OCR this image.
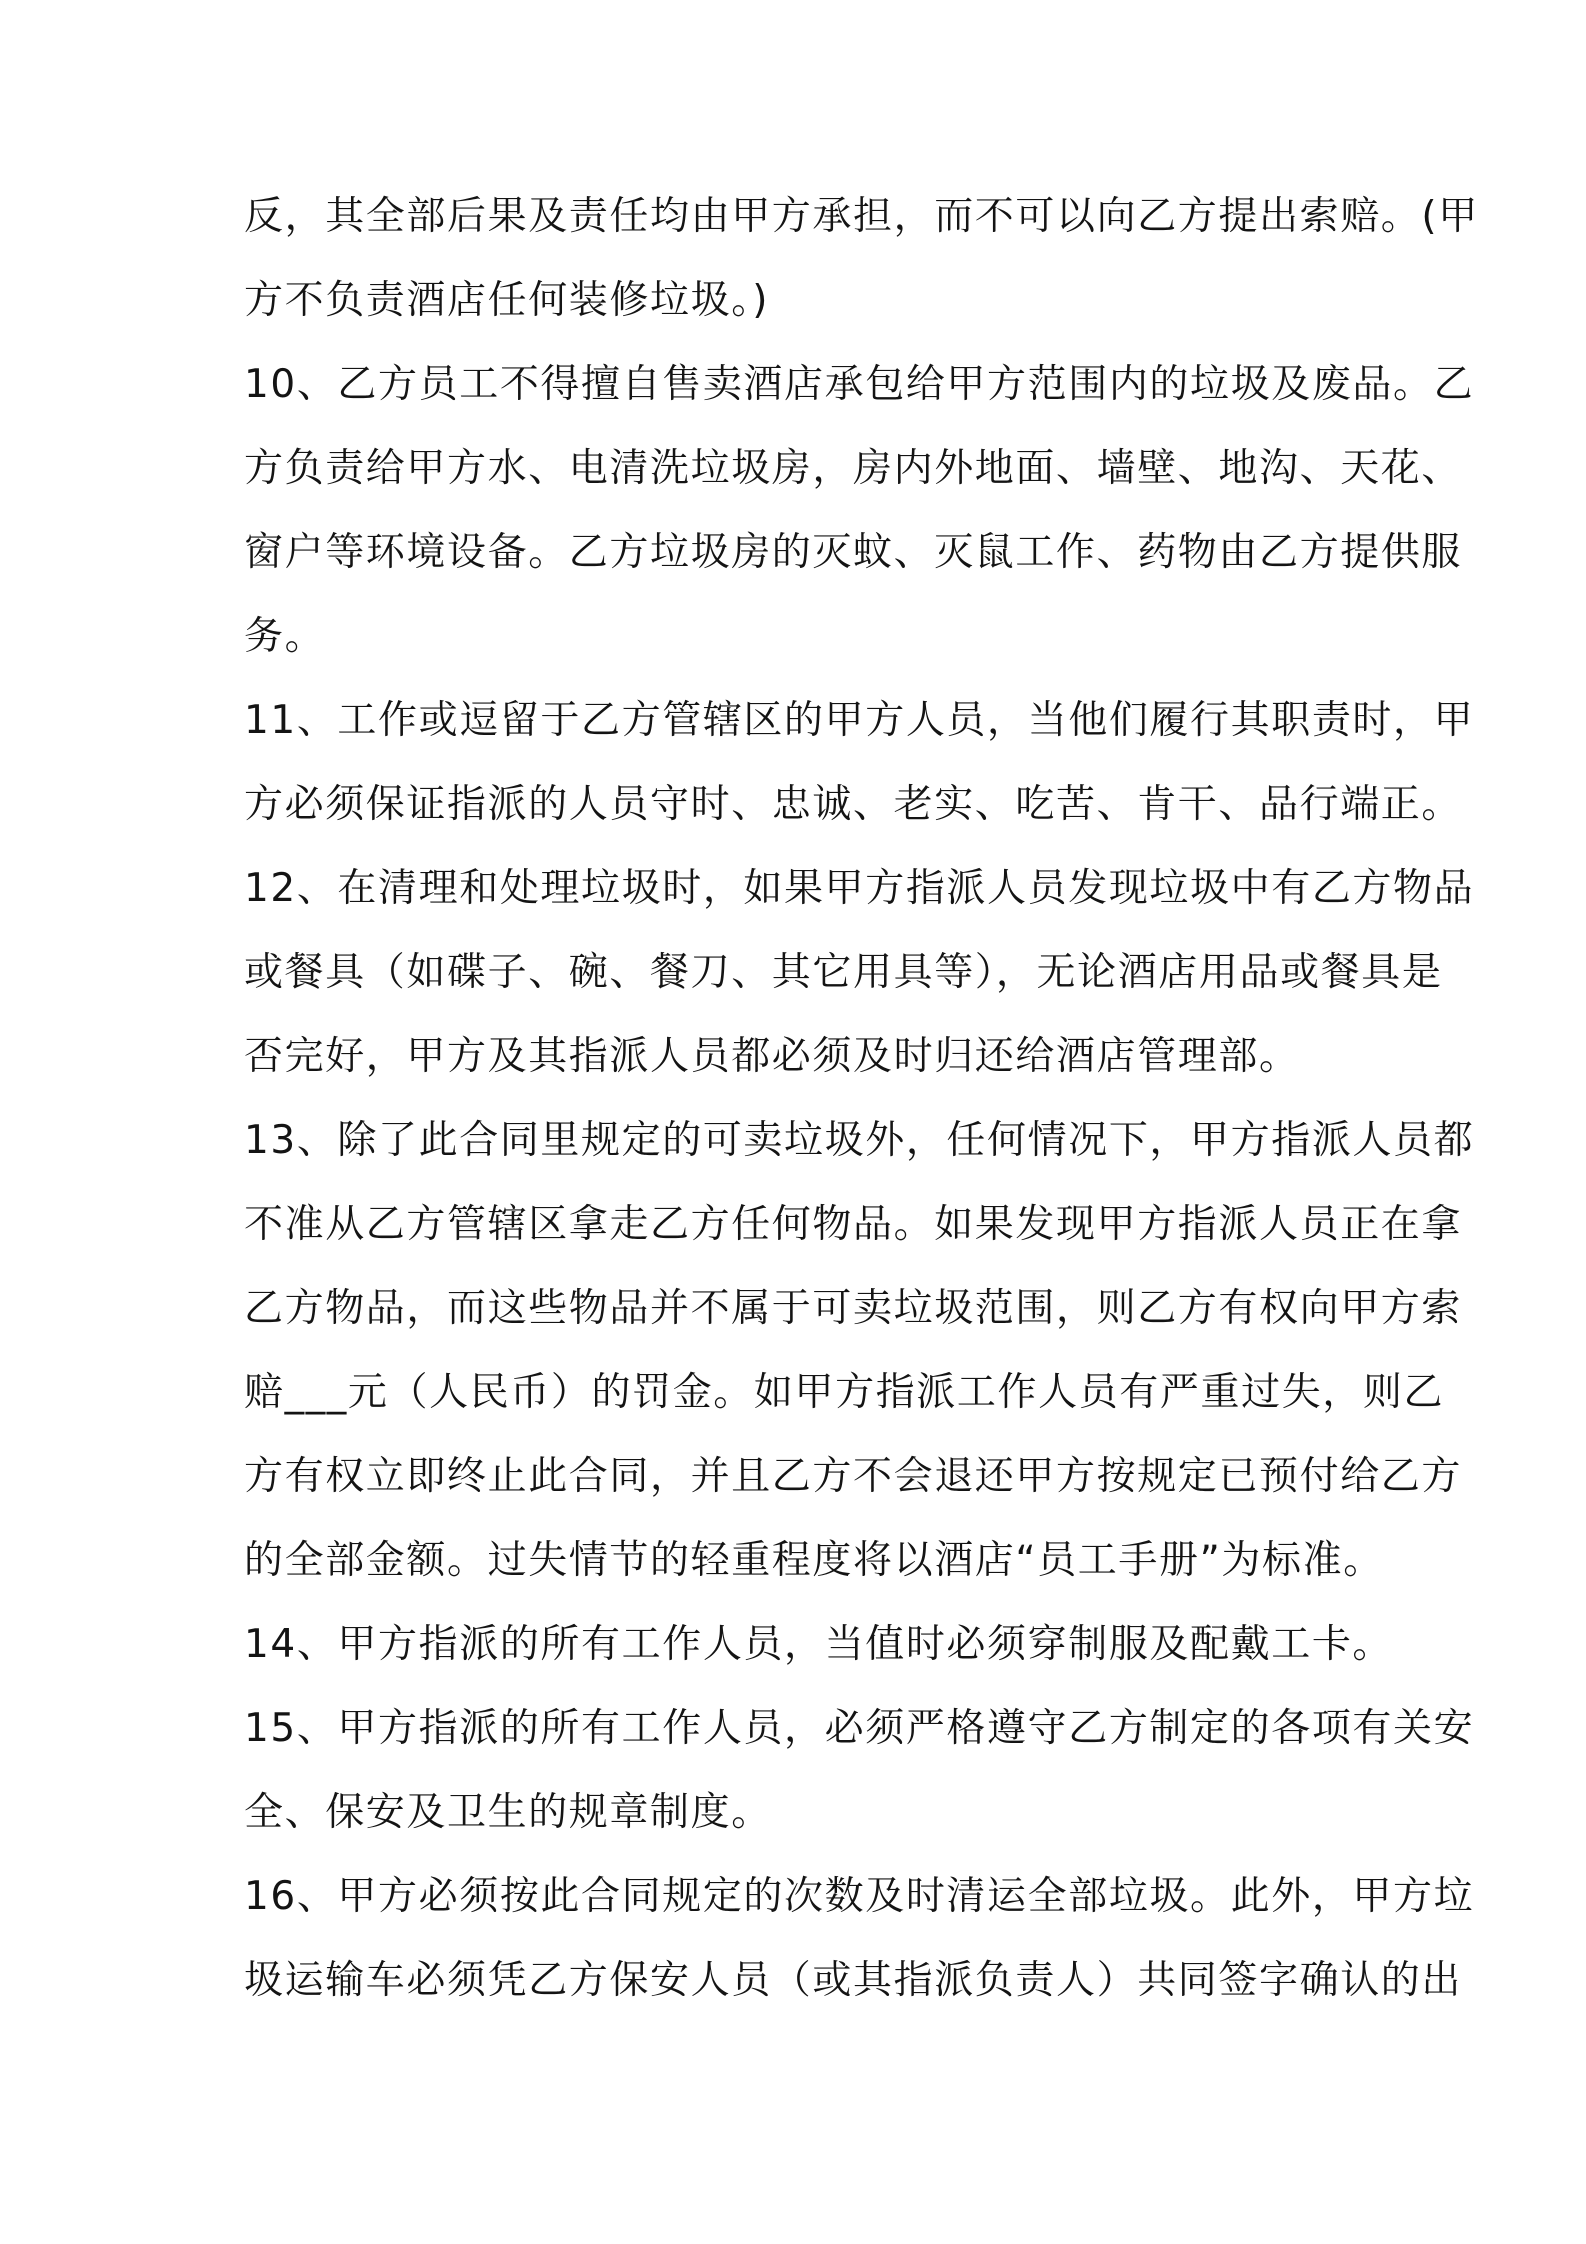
反，其全部后果及责任均由甲方承担，而不可以向乙方提出索赔。(甲
方不负责酒店任何装修垃圾。)
10、乙方员工不得擅自售卖酒店承包给甲方范围内的垃圾及废品。乙
方负责给甲方水、电清洗垃圾房，房内外地面、墙壁、地沟、天花、
窗户等环境设备。乙方垃圾房的灭蚊、灭鼠工作、药物由乙方提供服
务。
11、工作或逗留于乙方管辖区的甲方人员，当他们履行其职责时，甲
方必须保证指派的人员守时、忠诚、老实、吃苦、肯干、品行端正。
12、在清理和处理垃圾时，如果甲方指派人员发现垃圾中有乙方物品
或餐具（如碟子、碗、餐刀、其它用具等），无论酒店用品或餐具是
否完好，甲方及其指派人员都必须及时归还给酒店管理部。
13、除了此合同里规定的可卖垃圾外，任何情况下，甲方指派人员都
不准从乙方管辖区拿走乙方任何物品。如果发现甲方指派人员正在拿
乙方物品，而这些物品并不属于可卖垃圾范围，则乙方有权向甲方索
赔___元（人民币）的罚金。如甲方指派工作人员有严重过失，则乙
方有权立即终止此合同，并且乙方不会退还甲方按规定已预付给乙方
的全部金额。过失情节的轻重程度将以酒店“员工手册”为标准。
14、甲方指派的所有工作人员，当值时必须穿制服及配戴工卡。
15、甲方指派的所有工作人员，必须严格遵守乙方制定的各项有关安
全、保安及卫生的规章制度。
16、甲方必须按此合同规定的次数及时清运全部垃圾。此外，甲方垃
圾运输车必须凭乙方保安人员（或其指派负责人）共同签字确认的出
